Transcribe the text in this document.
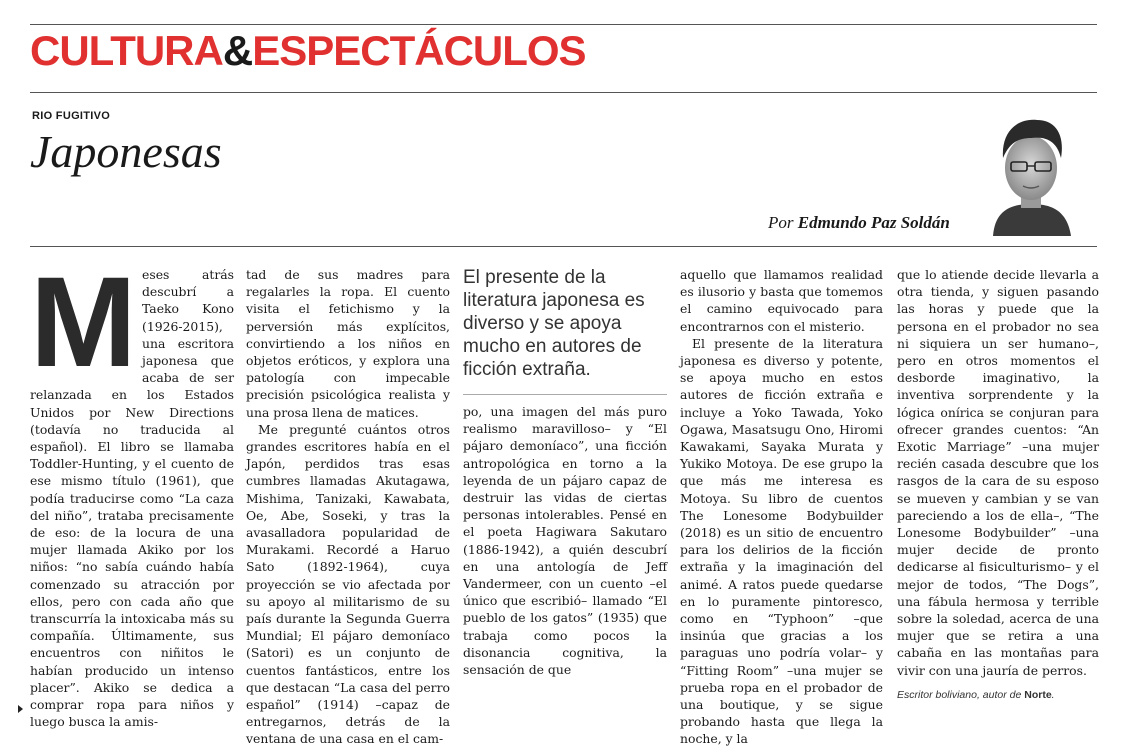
CULTURA&ESPECTÁCULOS
RIO FUGITIVO
Japonesas
Por Edmundo Paz Soldán
M eses atrás descubrí a Taeko Kono (1926-2015), una escritora japonesa que acaba de ser relanzada en los Estados Unidos por New Directions (todavía no traducida al español). El libro se llamaba Toddler-Hunting, y el cuento de ese mismo título (1961), que podía traducirse como “La caza del niño”, trataba precisamente de eso: de la locura de una mujer llamada Akiko por los niños: “no sabía cuándo había comenzado su atracción por ellos, pero con cada año que transcurría la intoxicaba más su compañía. Últimamente, sus encuentros con niñitos le habían producido un intenso placer”. Akiko se dedica a comprar ropa para niños y luego busca la amis-

tad de sus madres para regalarles la ropa. El cuento visita el fetichismo y la perversión más explícitos, convirtiendo a los niños en objetos eróticos, y explora una patología con impecable precisión psicológica realista y una prosa llena de matices.

Me pregunté cuántos otros grandes escritores había en el Japón, perdidos tras esas cumbres llamadas Akutagawa, Mishima, Tanizaki, Kawabata, Oe, Abe, Soseki, y tras la avasalladora popularidad de Murakami. Recordé a Haruo Sato (1892-1964), cuya proyección se vio afectada por su apoyo al militarismo de su país durante la Segunda Guerra Mundial; El pájaro demoníaco (Satori) es un conjunto de cuentos fantásticos, entre los que destacan “La casa del perro español” (1914) –capaz de entregarnos, detrás de la ventana de una casa en el cam-

El presente de la literatura japonesa es diverso y se apoya mucho en autores de ficción extraña.

po, una imagen del más puro realismo maravilloso– y “El pájaro demoníaco”, una ficción antropológica en torno a la leyenda de un pájaro capaz de destruir las vidas de ciertas personas intolerables. Pensé en el poeta Hagiwara Sakutaro (1886-1942), a quién descubrí en una antología de Jeff Vandermeer, con un cuento –el único que escribió– llamado “El pueblo de los gatos” (1935) que trabaja como pocos la disonancia cognitiva, la sensación de que

aquello que llamamos realidad es ilusorio y basta que tomemos el camino equivocado para encontrarnos con el misterio.

El presente de la literatura japonesa es diverso y potente, se apoya mucho en estos autores de ficción extraña e incluye a Yoko Tawada, Yoko Ogawa, Masatsugu Ono, Hiromi Kawakami, Sayaka Murata y Yukiko Motoya. De ese grupo la que más me interesa es Motoya. Su libro de cuentos The Lonesome Bodybuilder (2018) es un sitio de encuentro para los delirios de la ficción extraña y la imaginación del animé. A ratos puede quedarse en lo puramente pintoresco, como en “Typhoon” –que insinúa que gracias a los paraguas uno podría volar– y “Fitting Room” –una mujer se prueba ropa en el probador de una boutique, y se sigue probando hasta que llega la noche, y la

que lo atiende decide llevarla a otra tienda, y siguen pasando las horas y puede que la persona en el probador no sea ni siquiera un ser humano–, pero en otros momentos el desborde imaginativo, la inventiva sorprendente y la lógica onírica se conjuran para ofrecer grandes cuentos: “An Exotic Marriage” –una mujer recién casada descubre que los rasgos de la cara de su esposo se mueven y cambian y se van pareciendo a los de ella–, “The Lonesome Bodybuilder” –una mujer decide de pronto dedicarse al fisiculturismo– y el mejor de todos, “The Dogs”, una fábula hermosa y terrible sobre la soledad, acerca de una mujer que se retira a una cabaña en las montañas para vivir con una jauría de perros.

Escritor boliviano, autor de Norte.
